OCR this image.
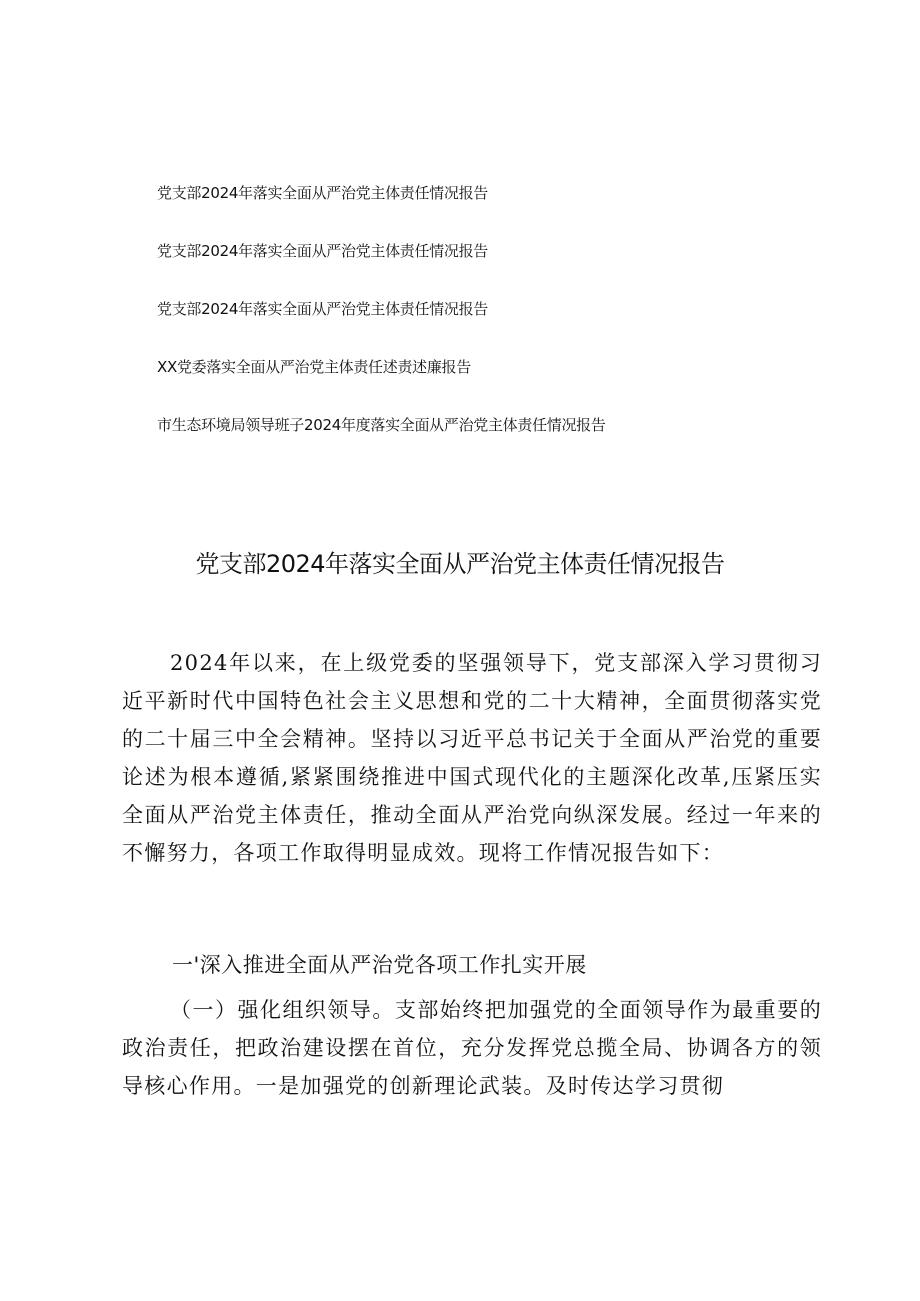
党支部2024年落实全面从严治党主体责任情况报告
党支部2024年落实全面从严治党主体责任情况报告
党支部2024年落实全面从严治党主体责任情况报告
XX党委落实全面从严治党主体责任述责述廉报告
市生态环境局领导班子2024年度落实全面从严治党主体责任情况报告
党支部2024年落实全面从严治党主体责任情况报告
2024年以来，在上级党委的坚强领导下，党支部深入学习贯彻习近平新时代中国特色社会主义思想和党的二十大精神，全面贯彻落实党的二十届三中全会精神。坚持以习近平总书记关于全面从严治党的重要论述为根本遵循,紧紧围绕推进中国式现代化的主题深化改革,压紧压实全面从严治党主体责任，推动全面从严治党向纵深发展。经过一年来的不懈努力，各项工作取得明显成效。现将工作情况报告如下：
一'深入推进全面从严治党各项工作扎实开展
（一）强化组织领导。支部始终把加强党的全面领导作为最重要的政治责任，把政治建设摆在首位，充分发挥党总揽全局、协调各方的领导核心作用。一是加强党的创新理论武装。及时传达学习贯彻
